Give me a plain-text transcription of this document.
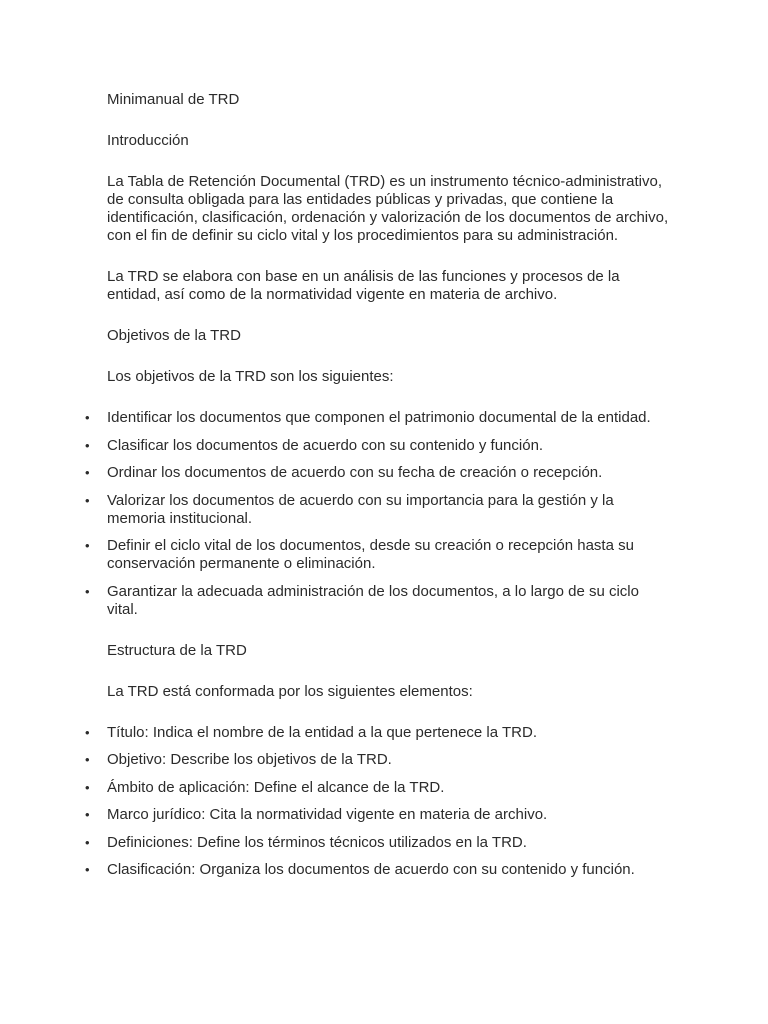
Minimanual de TRD

Introducción

La Tabla de Retención Documental (TRD) es un instrumento técnico-administrativo, de consulta obligada para las entidades públicas y privadas, que contiene la identificación, clasificación, ordenación y valorización de los documentos de archivo, con el fin de definir su ciclo vital y los procedimientos para su administración.

La TRD se elabora con base en un análisis de las funciones y procesos de la entidad, así como de la normatividad vigente en materia de archivo.

Objetivos de la TRD

Los objetivos de la TRD son los siguientes:

• Identificar los documentos que componen el patrimonio documental de la entidad.
• Clasificar los documentos de acuerdo con su contenido y función.
• Ordinar los documentos de acuerdo con su fecha de creación o recepción.
• Valorizar los documentos de acuerdo con su importancia para la gestión y la memoria institucional.
• Definir el ciclo vital de los documentos, desde su creación o recepción hasta su conservación permanente o eliminación.
• Garantizar la adecuada administración de los documentos, a lo largo de su ciclo vital.

Estructura de la TRD

La TRD está conformada por los siguientes elementos:

• Título: Indica el nombre de la entidad a la que pertenece la TRD.
• Objetivo: Describe los objetivos de la TRD.
• Ámbito de aplicación: Define el alcance de la TRD.
• Marco jurídico: Cita la normatividad vigente en materia de archivo.
• Definiciones: Define los términos técnicos utilizados en la TRD.
• Clasificación: Organiza los documentos de acuerdo con su contenido y función.
